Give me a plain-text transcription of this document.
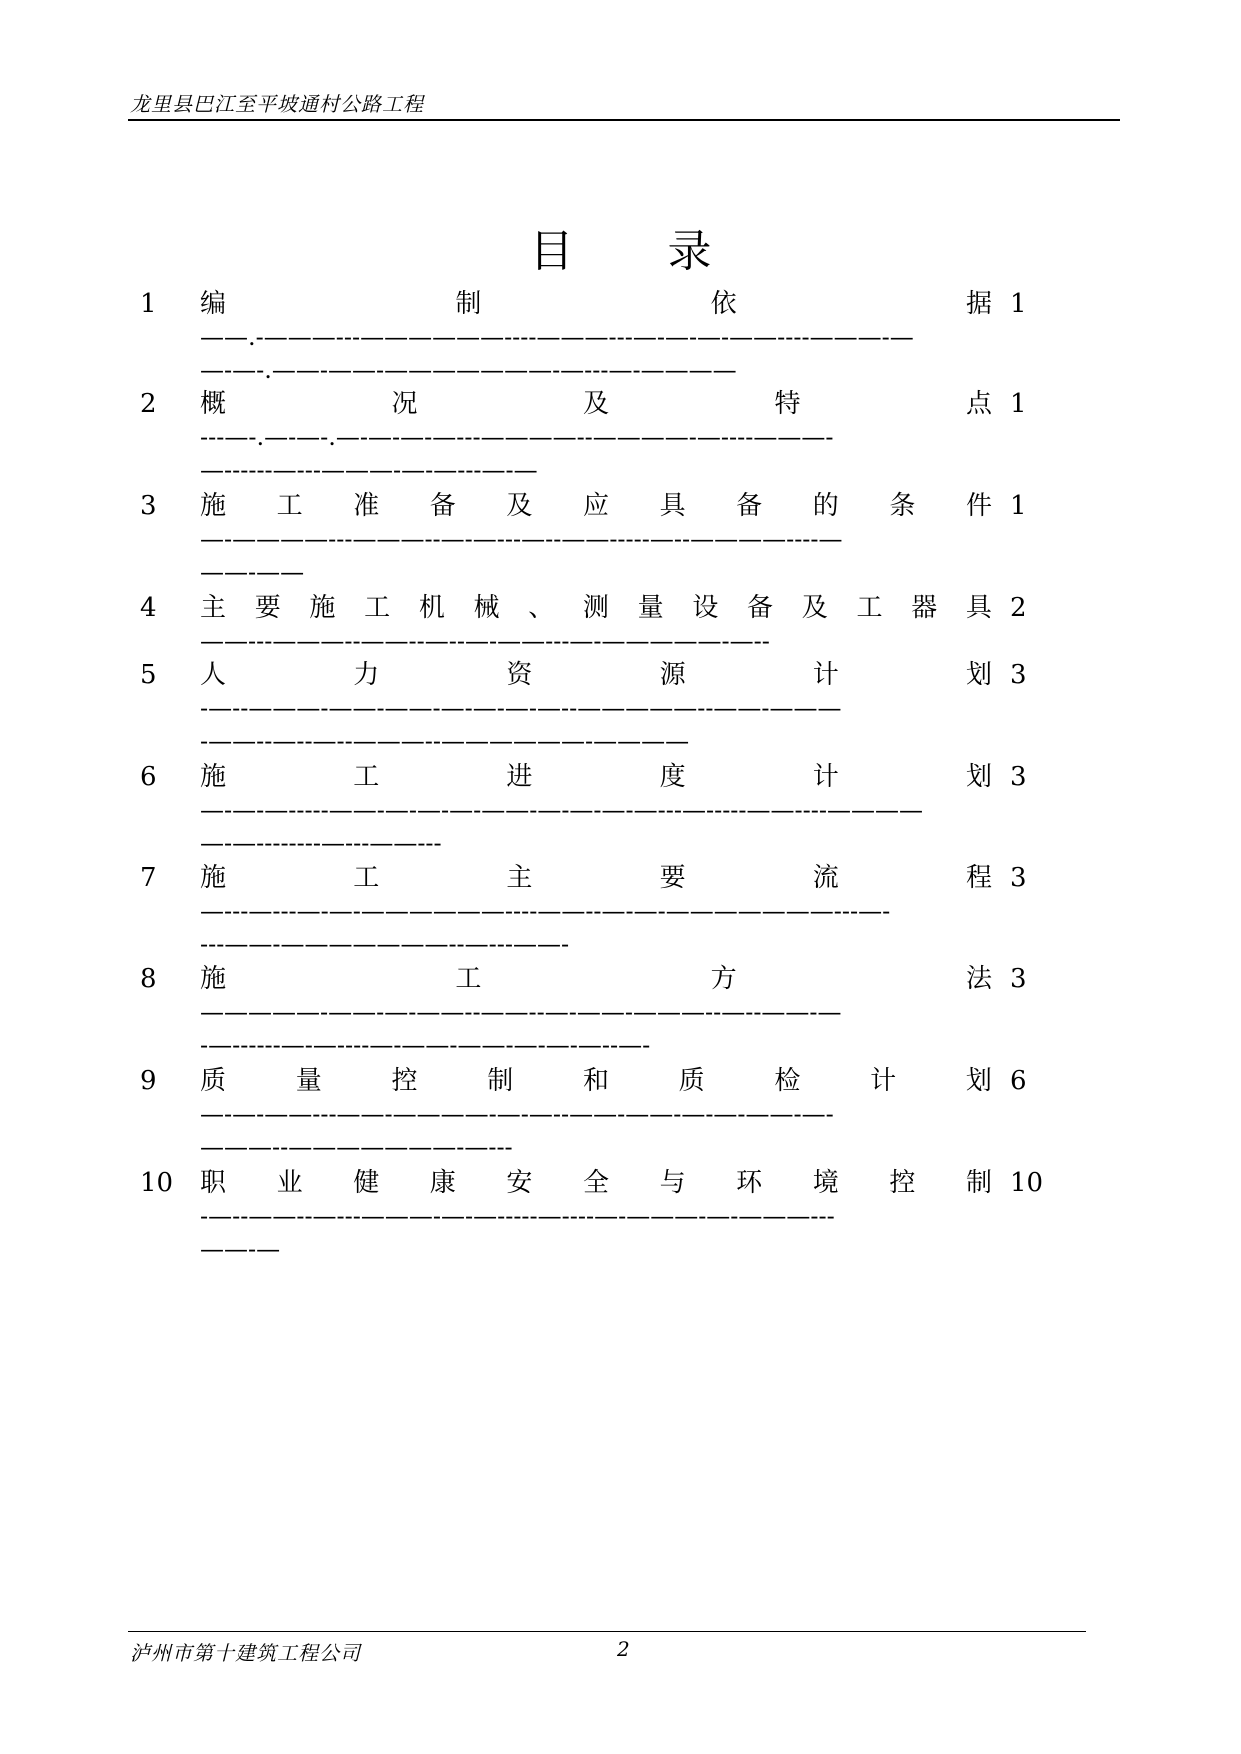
龙里县巴江至平坡通村公路工程
目 录
1 编	制	依	据 1
——.-———---——————----———---—-—-—-——----———-—
—-—-.——-——-———————-—---—-————
2 概	况	及	特	点 1
---—-.—-—-.—-—-—-—---————--————-—----———-
—------—---———-—-—---—-—
3 施 工 准 备 及 应 具 备 的 条 件 1
—-————---———--—-—---—--——-----—--————----—
——-——
4 主 要 施 工 机 械 、 测 量 设 备 及 工 器 具 2
——---———--——--—--—-——---—-—————-—--
5 人	力	资	源	计	划 3
-—--———-——-——-—-—-—-—--—————--——-———
-——--—--—--———--——————-————
6 施	工	进	度	计	划 3
—-—-—-----——-—-—-—-——-—-—-—-—---—-----——----————
—-—--------—---——---
7 施	工	主	要	流	程 3
—---—---—-—-——————----——--—-—-———————---—-
---——-———————--—---——-
8 施	工	方	法 3
—————-——-—-——--——--—-——-———--—--——-—
-—------—-—----—-——-——-—-—-—--—-
9 质	量	控	制	和	质	检	计	划 6
—-—-——---——-————-—-—--——-——-—-—-——-—-
———--———————-—---
10 职 业 健 康 安 全 与 环 境 控 制 10
-—--——--—---———-—-—-----—----—-———-—-———---
——-—
泸州市第十建筑工程公司	2
